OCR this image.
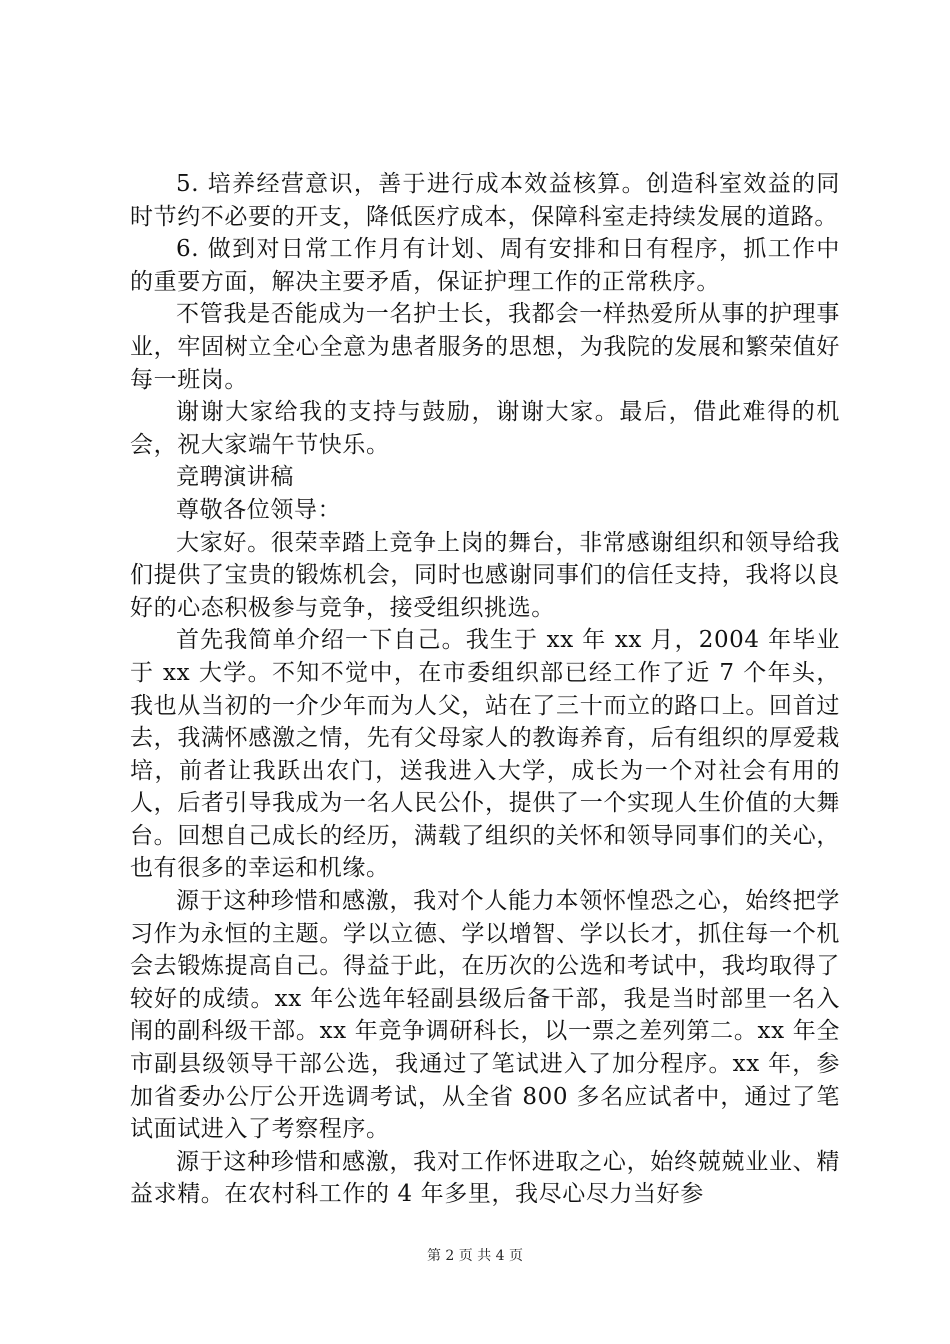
5. 培养经营意识，善于进行成本效益核算。创造科室效益的同时节约不必要的开支，降低医疗成本，保障科室走持续发展的道路。

6. 做到对日常工作月有计划、周有安排和日有程序，抓工作中的重要方面，解决主要矛盾，保证护理工作的正常秩序。

不管我是否能成为一名护士长，我都会一样热爱所从事的护理事业，牢固树立全心全意为患者服务的思想，为我院的发展和繁荣值好每一班岗。

谢谢大家给我的支持与鼓励，谢谢大家。最后，借此难得的机会，祝大家端午节快乐。

竞聘演讲稿

尊敬各位领导：

大家好。很荣幸踏上竞争上岗的舞台，非常感谢组织和领导给我们提供了宝贵的锻炼机会，同时也感谢同事们的信任支持，我将以良好的心态积极参与竞争，接受组织挑选。

首先我简单介绍一下自己。我生于 xx 年 xx 月，2004 年毕业于 xx 大学。不知不觉中，在市委组织部已经工作了近 7 个年头，我也从当初的一介少年而为人父，站在了三十而立的路口上。回首过去，我满怀感激之情，先有父母家人的教诲养育，后有组织的厚爱栽培，前者让我跃出农门，送我进入大学，成长为一个对社会有用的人，后者引导我成为一名人民公仆，提供了一个实现人生价值的大舞台。回想自己成长的经历，满载了组织的关怀和领导同事们的关心，也有很多的幸运和机缘。

源于这种珍惜和感激，我对个人能力本领怀惶恐之心，始终把学习作为永恒的主题。学以立德、学以增智、学以长才，抓住每一个机会去锻炼提高自己。得益于此，在历次的公选和考试中，我均取得了较好的成绩。xx 年公选年轻副县级后备干部，我是当时部里一名入闱的副科级干部。xx 年竞争调研科长，以一票之差列第二。xx 年全市副县级领导干部公选，我通过了笔试进入了加分程序。xx 年，参加省委办公厅公开选调考试，从全省 800 多名应试者中，通过了笔试面试进入了考察程序。

源于这种珍惜和感激，我对工作怀进取之心，始终兢兢业业、精益求精。在农村科工作的 4 年多里，我尽心尽力当好参

第 2 页 共 4 页
